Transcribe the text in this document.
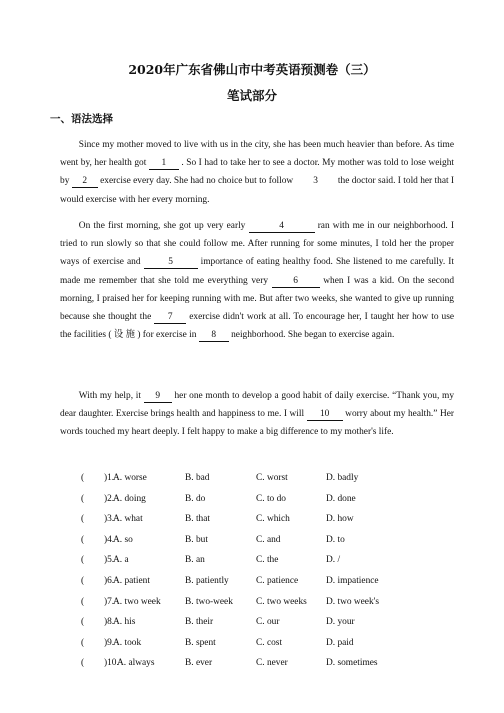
2020年广东省佛山市中考英语预测卷（三）
笔试部分
一、语法选择
Since my mother moved to live with us in the city, she has been much heavier than before. As time went by, her health got 1 . So I had to take her to see a doctor. My mother was told to lose weight by 2 exercise every day. She had no choice but to follow 3 the doctor said. I told her that I would exercise with her every morning.
On the first morning, she got up very early	4	ran with me in our neighborhood. I tried to run slowly so that she could follow me. After running for some minutes, I told her the proper ways of exercise and	5	importance of eating healthy food. She listened to me carefully. It made me remember that she told me everything very	6	when I was a kid. On the second morning, I praised her for keeping running with me. But after two weeks, she wanted to give up running because she thought the 7 exercise didn't work at all. To encourage her, I taught her how to use the facilities ( 设 施 ) for exercise in 8 neighborhood. She began to exercise again.
With my help, it 9 her one month to develop a good habit of daily exercise. “Thank you, my dear daughter. Exercise brings health and happiness to me. I will 10 worry about my health.” Her words touched my heart deeply. I felt happy to make a big difference to my mother's life.
( )1.
A. worse	B. bad	C. worst	D. badly
( )2.
A. doing	B. do	C. to do	D. done
( )3.
A. what	B. that	C. which	D. how
( )4.
A. so	B. but	C. and	D. to
( )5.
A. a	B. an	C. the	D. /
( )6.
A. patient	B. patiently	C. patience	D. impatience
( )7.
A. two week	B. two-week C. two weeks D. two week's
( )8.
A. his	B. their	C. our	D. your
( )9.
A. took	B. spent	C. cost	D. paid
( )10.
A. always	B. ever	C. never	D. sometimes
